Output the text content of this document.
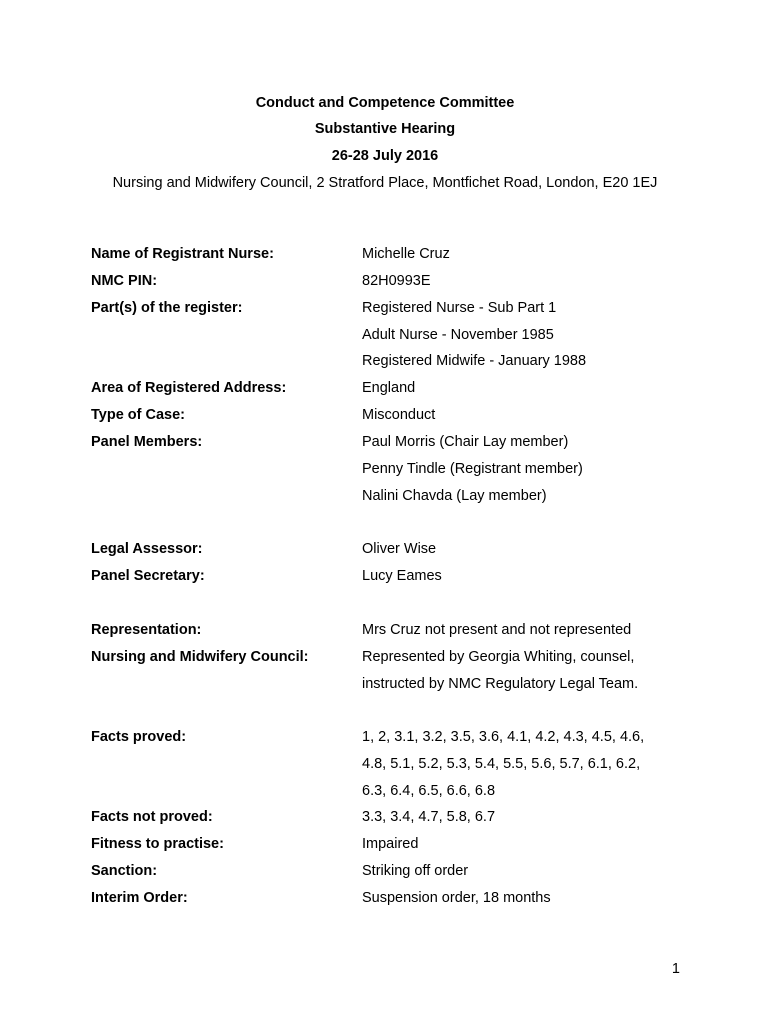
Conduct and Competence Committee
Substantive Hearing
26-28 July 2016
Nursing and Midwifery Council, 2 Stratford Place, Montfichet Road, London, E20 1EJ
Name of Registrant Nurse:	Michelle Cruz
NMC PIN:	82H0993E
Part(s) of the register:	Registered Nurse - Sub Part 1
Adult Nurse - November 1985
Registered Midwife - January 1988
Area of Registered Address:	England
Type of Case:	Misconduct
Panel Members:	Paul Morris (Chair Lay member)
Penny Tindle (Registrant member)
Nalini Chavda (Lay member)
Legal Assessor:	Oliver Wise
Panel Secretary:	Lucy Eames
Representation:	Mrs Cruz not present and not represented
Nursing and Midwifery Council:	Represented by Georgia Whiting, counsel,
instructed by NMC Regulatory Legal Team.
Facts proved:	1, 2, 3.1, 3.2, 3.5, 3.6, 4.1, 4.2, 4.3, 4.5, 4.6,
4.8, 5.1, 5.2, 5.3, 5.4, 5.5, 5.6, 5.7, 6.1, 6.2,
6.3, 6.4, 6.5, 6.6, 6.8
Facts not proved:	3.3, 3.4, 4.7, 5.8, 6.7
Fitness to practise:	Impaired
Sanction:	Striking off order
Interim Order:	Suspension order, 18 months
1
